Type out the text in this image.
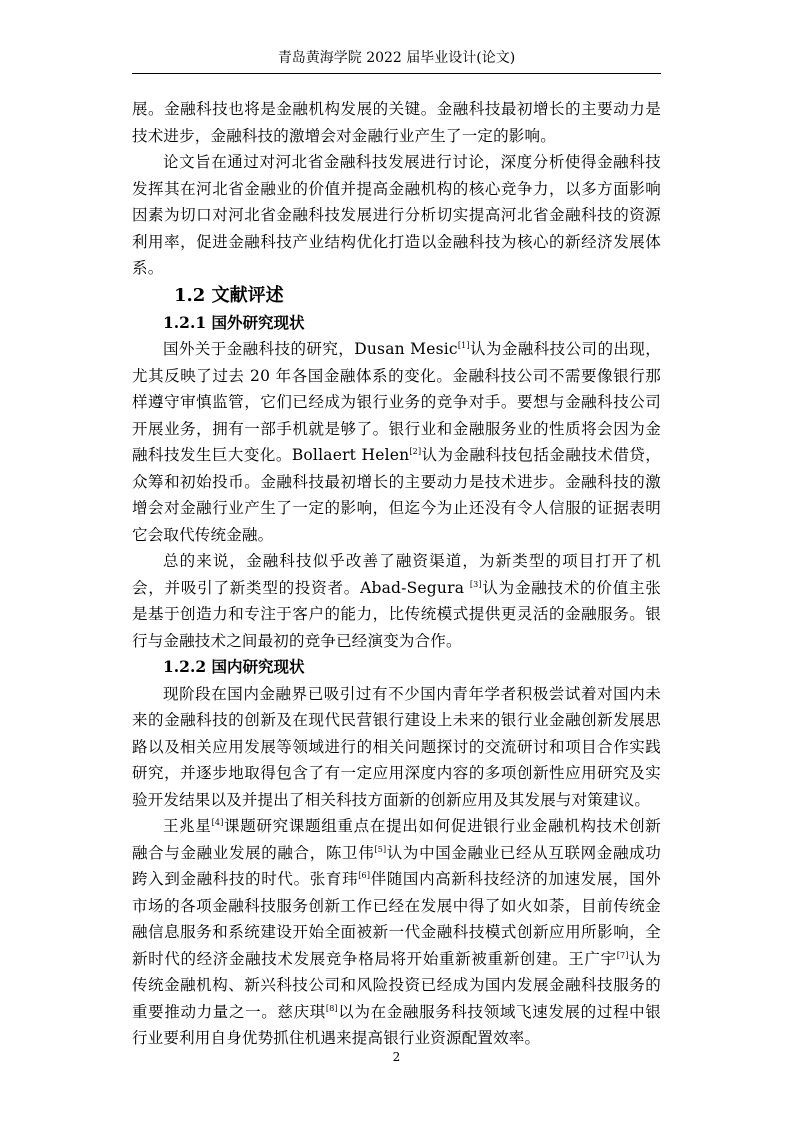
青岛黄海学院 2022 届毕业设计(论文)

展。金融科技也将是金融机构发展的关键。金融科技最初增长的主要动力是技术进步，金融科技的激增会对金融行业产生了一定的影响。

论文旨在通过对河北省金融科技发展进行讨论，深度分析使得金融科技发挥其在河北省金融业的价值并提高金融机构的核心竞争力，以多方面影响因素为切口对河北省金融科技发展进行分析切实提高河北省金融科技的资源利用率，促进金融科技产业结构优化打造以金融科技为核心的新经济发展体系。

1.2 文献评述
1.2.1 国外研究现状

国外关于金融科技的研究，Dusan Mesic[1]认为金融科技公司的出现，尤其反映了过去 20 年各国金融体系的变化。金融科技公司不需要像银行那样遵守审慎监管，它们已经成为银行业务的竞争对手。要想与金融科技公司开展业务，拥有一部手机就是够了。银行业和金融服务业的性质将会因为金融科技发生巨大变化。Bollaert Helen[2]认为金融科技包括金融技术借贷，众筹和初始投币。金融科技最初增长的主要动力是技术进步。金融科技的激增会对金融行业产生了一定的影响，但迄今为止还没有令人信服的证据表明它会取代传统金融。

总的来说，金融科技似乎改善了融资渠道，为新类型的项目打开了机会，并吸引了新类型的投资者。Abad-Segura [3]认为金融技术的价值主张是基于创造力和专注于客户的能力，比传统模式提供更灵活的金融服务。银行与金融技术之间最初的竞争已经演变为合作。

1.2.2 国内研究现状

现阶段在国内金融界已吸引过有不少国内青年学者积极尝试着对国内未来的金融科技的创新及在现代民营银行建设上未来的银行业金融创新发展思路以及相关应用发展等领域进行的相关问题探讨的交流研讨和项目合作实践研究，并逐步地取得包含了有一定应用深度内容的多项创新性应用研究及实验开发结果以及并提出了相关科技方面新的创新应用及其发展与对策建议。

王兆星[4]课题研究课题组重点在提出如何促进银行业金融机构技术创新融合与金融业发展的融合，陈卫伟[5]认为中国金融业已经从互联网金融成功跨入到金融科技的时代。张育玮[6]伴随国内高新科技经济的加速发展，国外市场的各项金融科技服务创新工作已经在发展中得了如火如荼，目前传统金融信息服务和系统建设开始全面被新一代金融科技模式创新应用所影响，全新时代的经济金融技术发展竞争格局将开始重新被重新创建。王广宇[7]认为传统金融机构、新兴科技公司和风险投资已经成为国内发展金融科技服务的重要推动力量之一。慈庆琪[8]以为在金融服务科技领域飞速发展的过程中银行业要利用自身优势抓住机遇来提高银行业资源配置效率。

2
